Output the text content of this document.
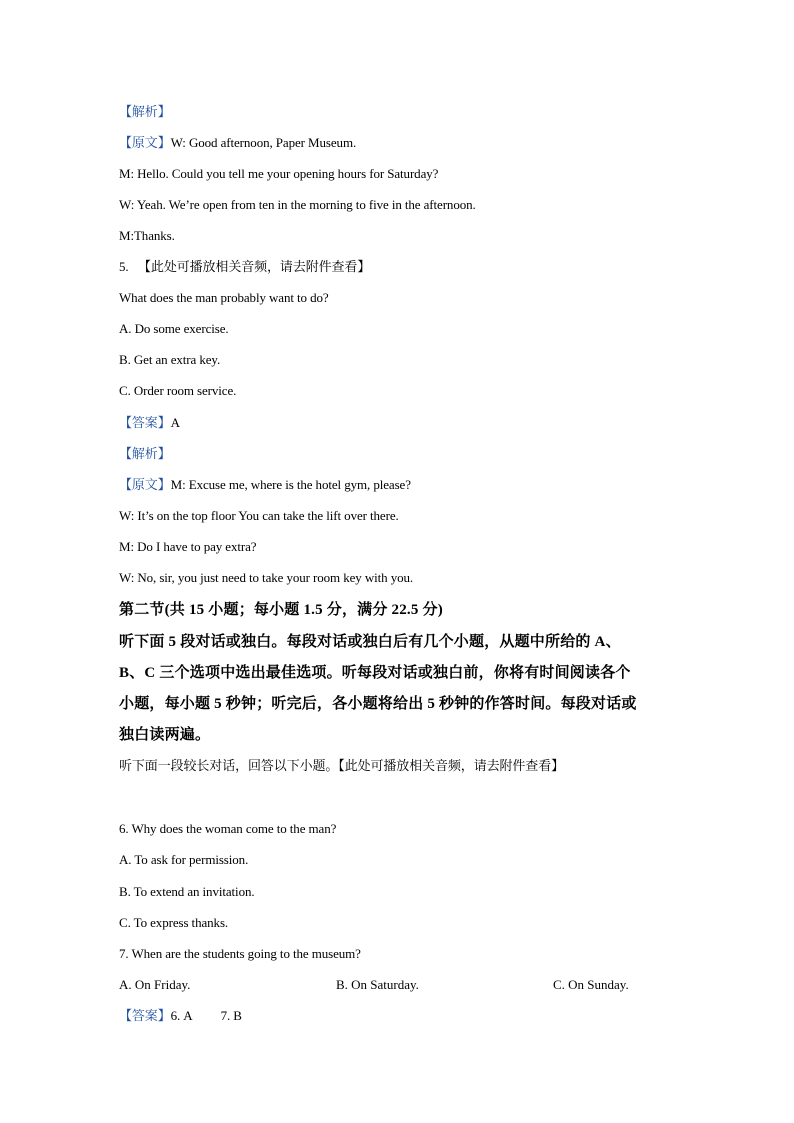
【解析】
【原文】W: Good afternoon, Paper Museum.
M: Hello. Could you tell me your opening hours for Saturday?
W: Yeah. We’re open from ten in the morning to five in the afternoon.
M:Thanks.
5. 【此处可播放相关音频，请去附件查看】
What does the man probably want to do?
A. Do some exercise.
B. Get an extra key.
C. Order room service.
【答案】A
【解析】
【原文】M: Excuse me, where is the hotel gym, please?
W: It’s on the top floor You can take the lift over there.
M: Do I have to pay extra?
W: No, sir, you just need to take your room key with you.
第二节(共 15 小题；每小题 1.5 分，满分 22.5 分)
听下面 5 段对话或独白。每段对话或独白后有几个小题，从题中所给的 A、
B、C 三个选项中选出最佳选项。听每段对话或独白前，你将有时间阅读各个
小题，每小题 5 秒钟；听完后，各小题将给出 5 秒钟的作答时间。每段对话或
独白读两遍。
听下面一段较长对话，回答以下小题。【此处可播放相关音频，请去附件查看】
6. Why does the woman come to the man?
A. To ask for permission.
B. To extend an invitation.
C. To express thanks.
7. When are the students going to the museum?
A. On Friday.	B. On Saturday.	C. On Sunday.
【答案】6. A 7. B
